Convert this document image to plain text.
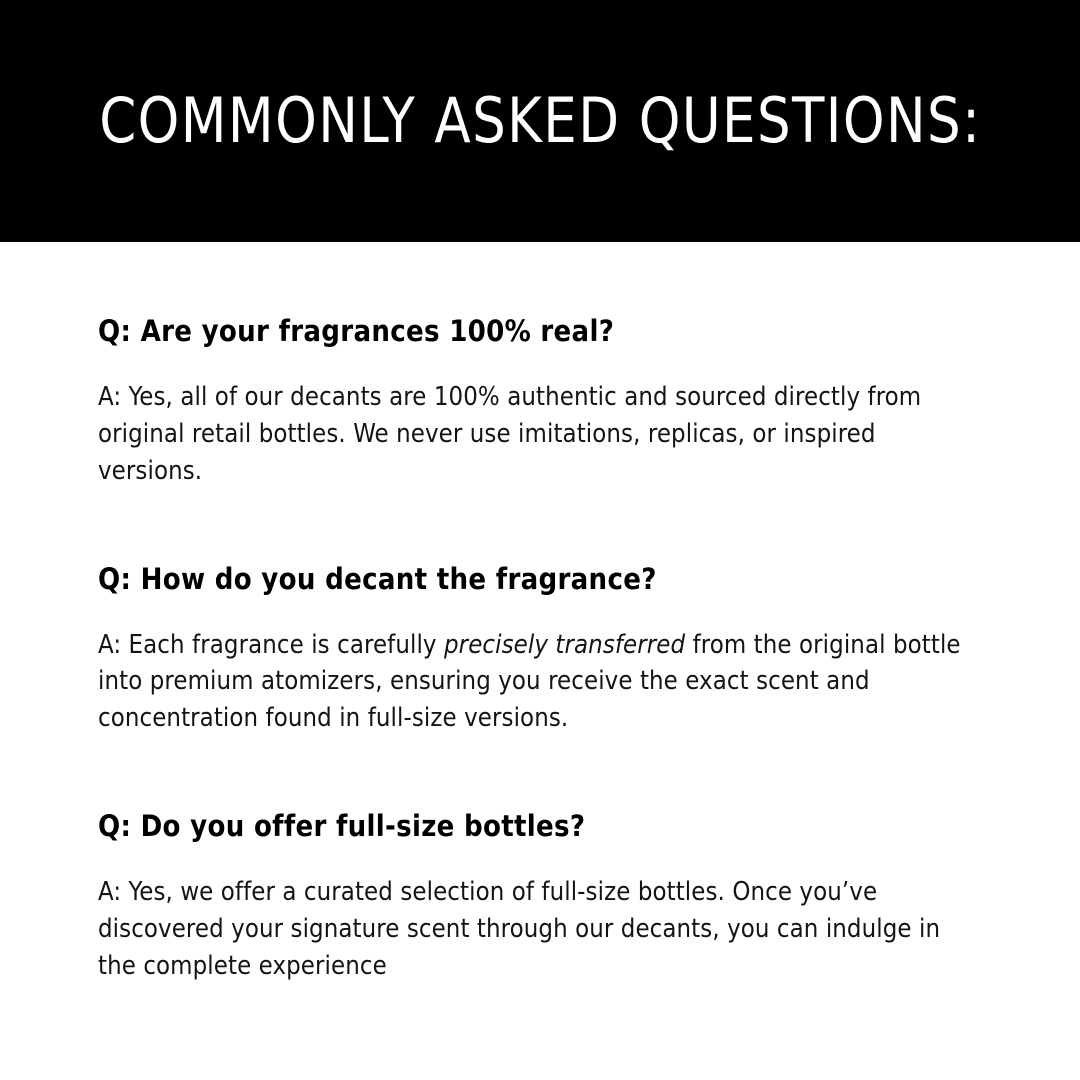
COMMONLY ASKED QUESTIONS:

Q: Are your fragrances 100% real?

A: Yes, all of our decants are 100% authentic and sourced directly from original retail bottles. We never use imitations, replicas, or inspired versions.

Q: How do you decant the fragrance?

A: Each fragrance is carefully precisely transferred from the original bottle into premium atomizers, ensuring you receive the exact scent and concentration found in full-size versions.

Q: Do you offer full-size bottles?

A: Yes, we offer a curated selection of full-size bottles. Once you’ve discovered your signature scent through our decants, you can indulge in the complete experience
